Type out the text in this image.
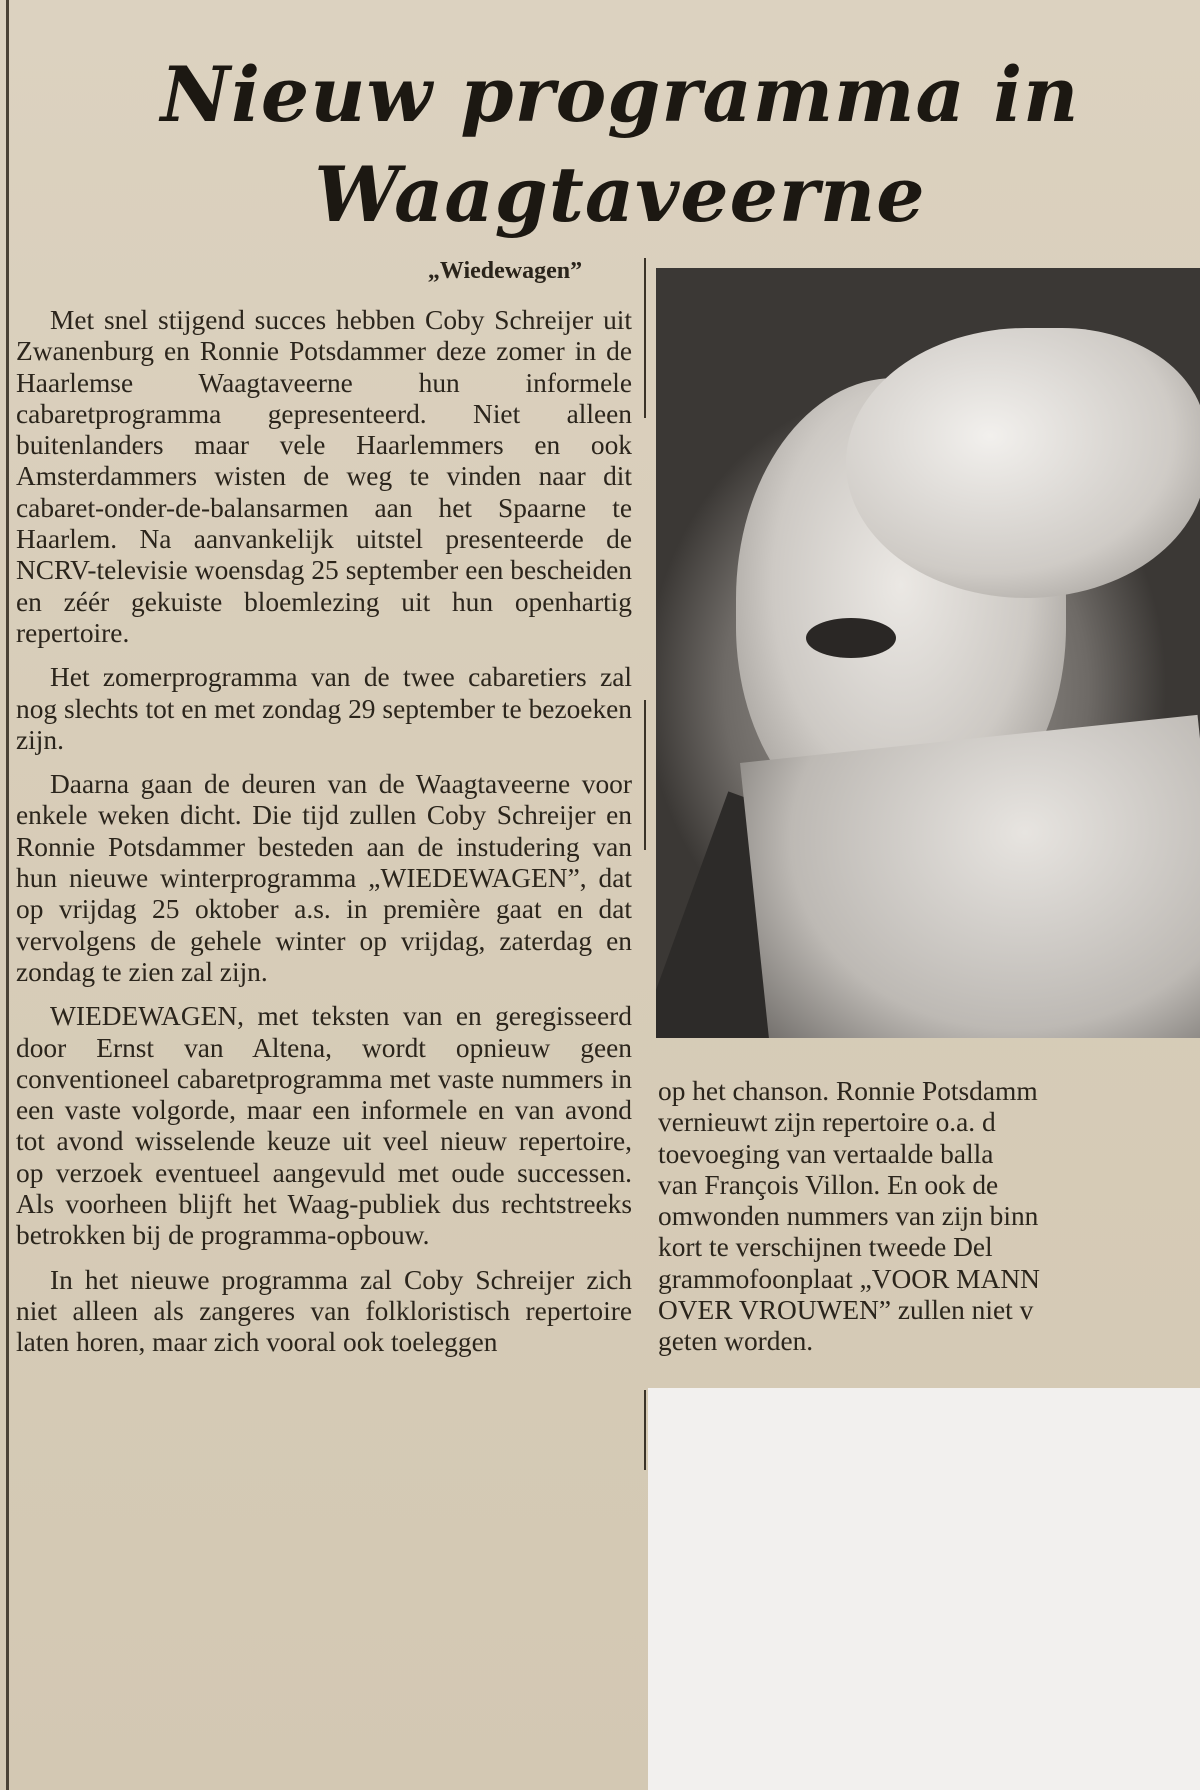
Nieuw programma in
Waagtaveerne
„Wiedewagen”

Met snel stijgend succes hebben Coby Schreijer uit Zwanenburg en Ronnie Potsdammer deze zomer in de Haarlemse Waagtaveerne hun informele cabaretprogramma gepresenteerd. Niet alleen buitenlanders maar vele Haarlemmers en ook Amsterdammers wisten de weg te vinden naar dit cabaret-onder-de-balansarmen aan het Spaarne te Haarlem. Na aanvankelijk uitstel presenteerde de NCRV-televisie woensdag 25 september een bescheiden en zéér gekuiste bloemlezing uit hun openhartig repertoire.

Het zomerprogramma van de twee cabaretiers zal nog slechts tot en met zondag 29 september te bezoeken zijn.

Daarna gaan de deuren van de Waagtaveerne voor enkele weken dicht. Die tijd zullen Coby Schreijer en Ronnie Potsdammer besteden aan de instudering van hun nieuwe winterprogramma „WIEDEWAGEN”, dat op vrijdag 25 oktober a.s. in première gaat en dat vervolgens de gehele winter op vrijdag, zaterdag en zondag te zien zal zijn.

WIEDEWAGEN, met teksten van en geregisseerd door Ernst van Altena, wordt opnieuw geen conventioneel cabaretprogramma met vaste nummers in een vaste volgorde, maar een informele en van avond tot avond wisselende keuze uit veel nieuw repertoire, op verzoek eventueel aangevuld met oude successen. Als voorheen blijft het Waag-publiek dus rechtstreeks betrokken bij de programma-opbouw.

In het nieuwe programma zal Coby Schreijer zich niet alleen als zangeres van folkloristisch repertoire laten horen, maar zich vooral ook toeleggen

op het chanson. Ronnie Potsdamm
vernieuwt zijn repertoire o.a. d
toevoeging van vertaalde balla
van François Villon. En ook de
omwonden nummers van zijn binn
kort te verschijnen tweede Del
grammofoonplaat „VOOR MANN
OVER VROUWEN” zullen niet v
geten worden.
